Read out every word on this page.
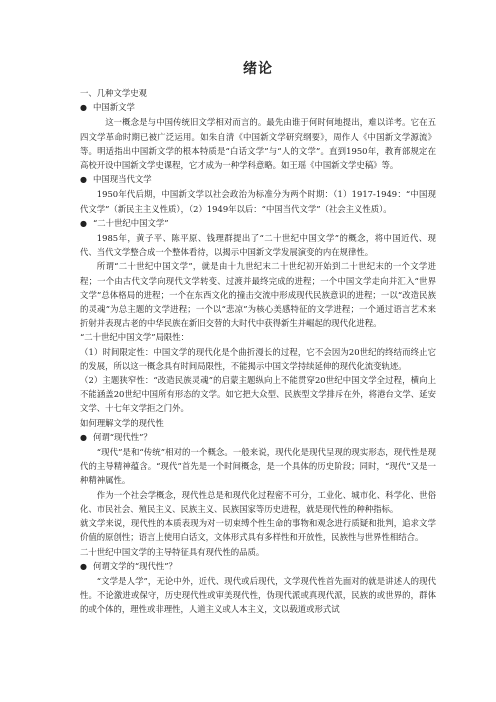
绪论

一、几种文学史观

● 中国新文学

这一概念是与中国传统旧文学相对而言的。最先由谁于何时何地提出，难以详考。它在五四文学革命时期已被广泛运用。如朱自清《中国新文学研究纲要》，周作人《中国新文学源流》等。明适指出中国新文学的根本特质是“白话文学”与“人的文学”。直到1950年，教育部规定在高校开设中国新文学史课程，它才成为一种学科意略。如王瑶《中国新文学史稿》等。

● 中国现当代文学

1950年代后期，中国新文学以社会政治为标准分为两个时期：（1）1917-1949：“中国现代文学”（新民主主义性质），（2）1949年以后：“中国当代文学”（社会主义性质）。

● “二十世纪中国文学”

1985年，黄子平、陈平原、钱理群提出了“二十世纪中国文学”的概念，将中国近代、现代、当代文学整合成一个整体看待，以揭示中国新文学发展演变的内在规律性。

所谓“二十世纪中国文学”，就是由十九世纪末二十世纪初开始到二十世纪末的一个文学进程；一个由古代文学向现代文学转变、过渡并最终完成的进程；一个中国文学走向并汇入“世界文学”总体格局的进程；一个在东西文化的撞击交流中形成现代民族意识的进程；一以“改造民族的灵魂”为总主题的文学进程；一个以“悲凉”为核心美感特征的文学进程；一个通过语言艺术来折射并表现古老的中华民族在新旧交替的大时代中获得新生并崛起的现代化进程。

“二十世纪中国文学”局限性：

（1）时间限定性：中国文学的现代化是个曲折漫长的过程，它不会因为20世纪的终结而终止它的发展，所以这一概念具有时间局限性，不能揭示中国文学持续延伸的现代化流变轨迹。

（2）主题狭窄性：“改造民族灵魂”的启蒙主题纵向上不能贯穿20世纪中国文学全过程，横向上不能涵盖20世纪中国所有形态的文学。如它把大众型、民族型文学排斥在外，将港台文学、延安文学、十七年文学拒之门外。

如何理解文学的现代性

● 何谓“现代性”？

“现代”是和“传统”相对的一个概念。一般来说，现代化是现代呈现的现实形态，现代性是现代的主导精神蕴含。“现代”首先是一个时间概念，是一个具体的历史阶段；同时，“现代”又是一种精神属性。

作为一个社会学概念，现代性总是和现代化过程密不可分，工业化、城市化、科学化、世俗化、市民社会、殖民主义、民族主义、民族国家等历史进程，就是现代性的种种指标。

就文学来说，现代性的本质表现为对一切束缚个性生命的事物和观念进行质疑和批判，追求文学价值的原创性；语言上使用白话文，文体形式具有多样性和开放性，民族性与世界性相结合。

二十世纪中国文学的主导特征具有现代性的品质。

● 何谓文学的“现代性”？

“文学是人学”，无论中外，近代、现代或后现代，文学现代性首先面对的就是讲述人的现代性。不论激进或保守，历史现代性或审美现代性，伪现代派或真现代派，民族的或世界的，群体的或个体的，理性或非理性，人道主义或人本主义，文以载道或形式试
